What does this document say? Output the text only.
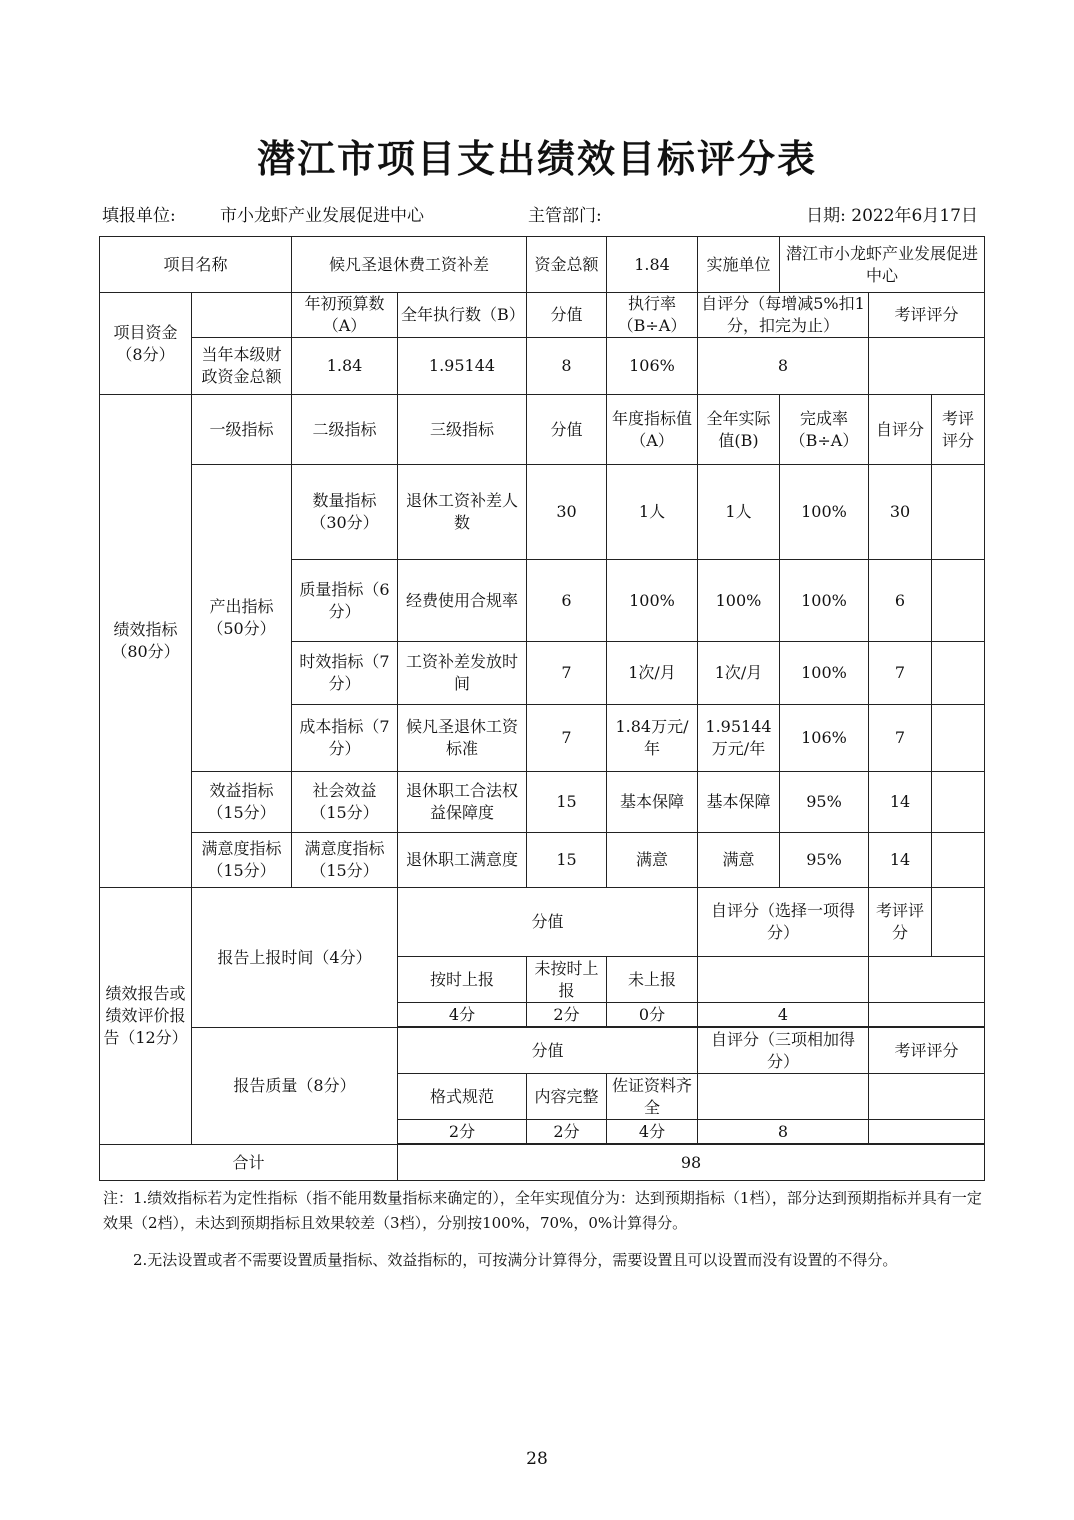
潜江市项目支出绩效目标评分表
填报单位:	市小龙虾产业发展促进中心	主管部门:	日期: 2022年6月17日
项目名称		候凡圣退休费工资补差		资金总额	1.84	实施单位	潜江市小龙虾产业发展促进中心		
项目资金（8分）		年初预算数（A）	全年执行数（B）	分值	执行率（B÷A）	自评分（每增减5%扣1分，扣完为止）		考评评分	
	当年本级财政资金总额	1.84	1.95144	8	106%	8			
绩效指标（80分）	一级指标	二级指标	三级指标	分值	年度指标值（A）	全年实际值(B)	完成率（B÷A）	自评分	考评评分
	产出指标（50分）	数量指标（30分）	退休工资补差人数	30	1人	1人	100%	30	
		质量指标（6分）	经费使用合规率	6	100%	100%	100%	6	
		时效指标（7分）	工资补差发放时间	7	1次/月	1次/月	100%	7	
		成本指标（7分）	候凡圣退休工资标准	7	1.84万元/年	1.95144万元/年	106%	7	
	效益指标（15分）	社会效益（15分）	退休职工合法权益保障度	15	基本保障	基本保障	95%	14	
	满意度指标（15分）	满意度指标（15分）	退休职工满意度	15	满意	满意	95%	14	
绩效报告或绩效评价报告（12分）	报告上报时间（4分）		分值			自评分（选择一项得分）		考评评分	
			按时上报	未按时上报	未上报				
			4分	2分	0分	4			

	报告质量（8分）		分值			自评分（三项相加得分）		考评评分	
			格式规范	内容完整	佐证资料齐全				
			2分	2分	4分	8			

合计			98						
注：1.绩效指标若为定性指标（指不能用数量指标来确定的），全年实现值分为：达到预期指标（1档），部分达到预期指标并具有一定效果（2档），未达到预期指标且效果较差（3档），分别按100%，70%，0%计算得分。
2.无法设置或者不需要设置质量指标、效益指标的，可按满分计算得分，需要设置且可以设置而没有设置的不得分。
28
